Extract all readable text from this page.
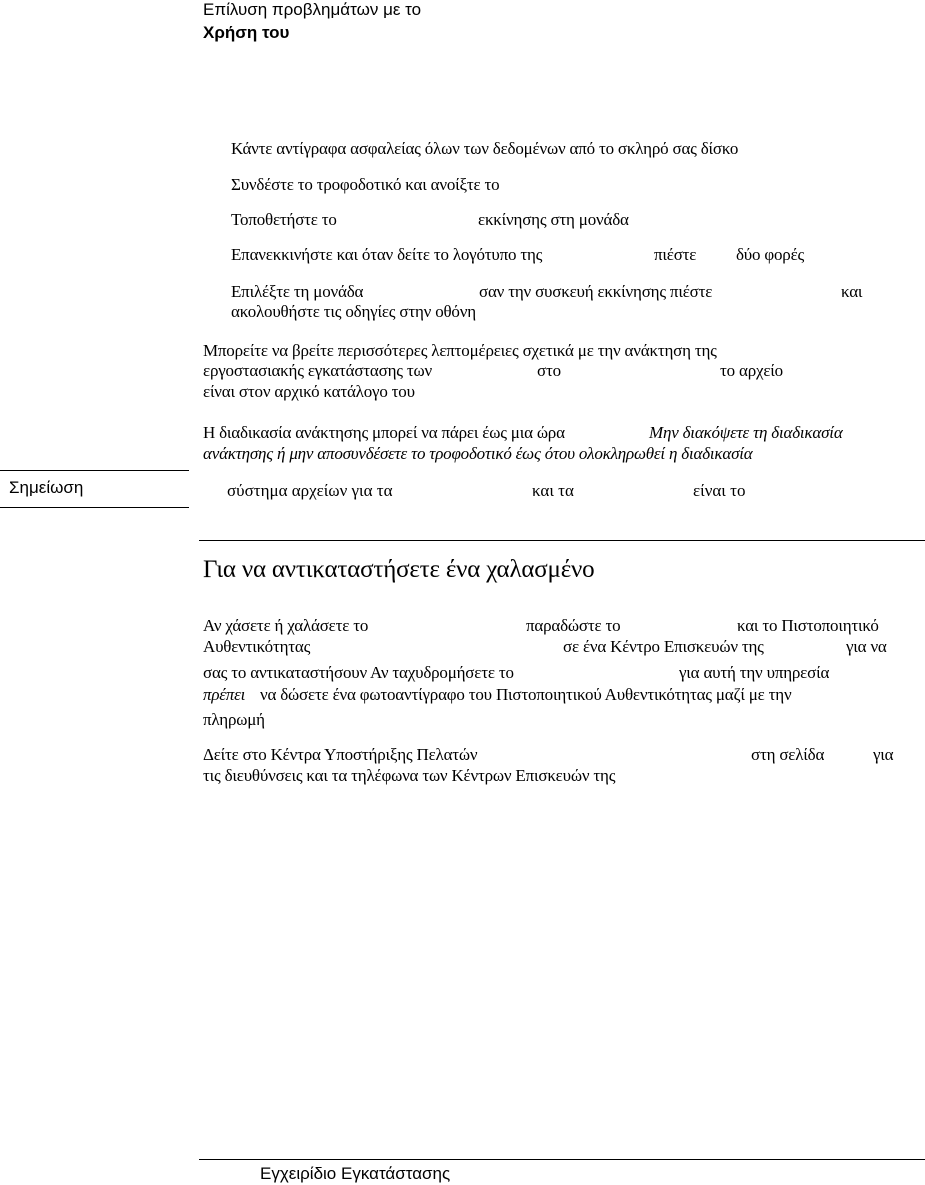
Επίλυση προβλημάτων με το
Χρήση του
Κάντε αντίγραφα ασφαλείας όλων των δεδομένων από το σκληρό σας δίσκο
Συνδέστε το τροφοδοτικό και ανοίξτε το
Τοποθετήστε το	εκκίνησης στη μονάδα
Επανεκκινήστε και όταν δείτε το λογότυπο της	πιέστε δύο φορές
Επιλέξτε τη μονάδα	σαν την συσκευή εκκίνησης πιέστε	και
ακολουθήστε τις οδηγίες στην οθόνη
Μπορείτε να βρείτε περισσότερες λεπτομέρειες σχετικά με την ανάκτηση της
εργοστασιακής εγκατάστασης των	στο	το αρχείο
είναι στον αρχικό κατάλογο του
Η διαδικασία ανάκτησης μπορεί να πάρει έως μια ώρα	Μην διακόψετε τη διαδικασία
ανάκτησης ή μην αποσυνδέσετε το τροφοδοτικό έως ότου ολοκληρωθεί η διαδικασία
Σημείωση	σύστημα αρχείων για τα	και τα	είναι το
Για να αντικαταστήσετε ένα χαλασμένο
Αν χάσετε ή χαλάσετε το	παραδώστε το	και το Πιστοποιητικό
Αυθεντικότητας	σε ένα Κέντρο Επισκευών της	για να
σας το αντικαταστήσουν Αν ταχυδρομήσετε το	για αυτή την υπηρεσία
πρέπει να δώσετε ένα φωτοαντίγραφο του Πιστοποιητικού Αυθεντικότητας μαζί με την
πληρωμή
Δείτε στο Κέντρα Υποστήριξης Πελατών	στη σελίδα	για
τις διευθύνσεις και τα τηλέφωνα των Κέντρων Επισκευών της
Εγχειρίδιο Εγκατάστασης
